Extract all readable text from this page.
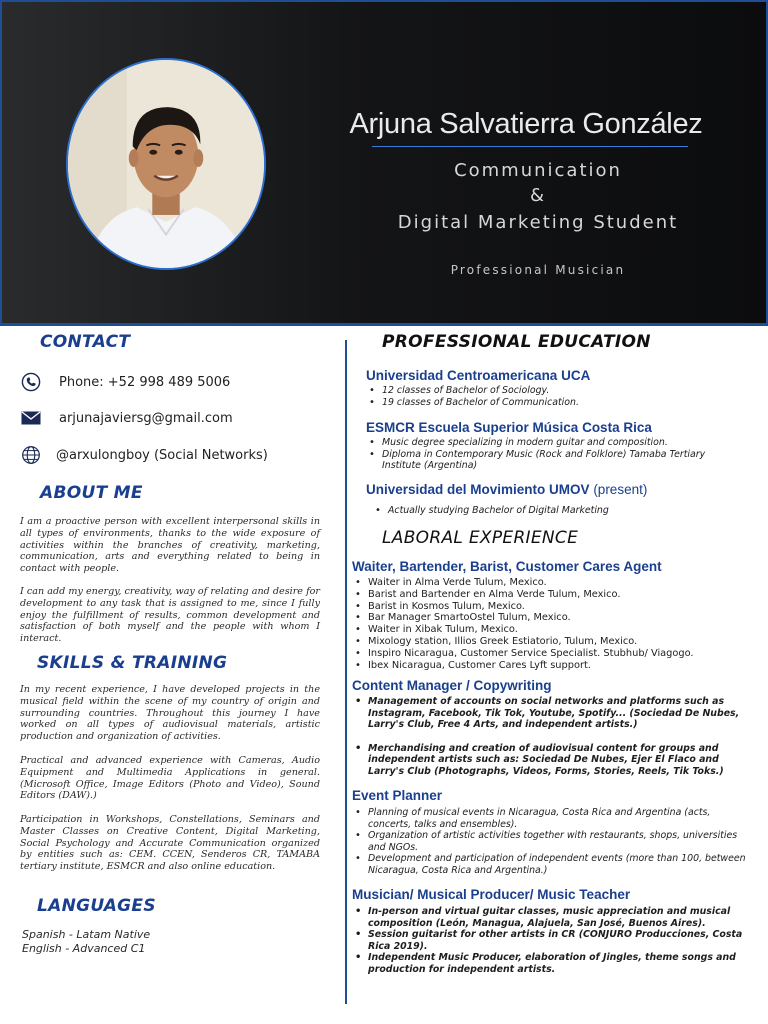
Arjuna Salvatierra González
Communication
&
Digital Marketing Student
Professional Musician
CONTACT
Phone: +52 998 489 5006
arjunajaviersg@gmail.com
@arxulongboy (Social Networks)
ABOUT ME
I am a proactive person with excellent interpersonal skills in all types of environments, thanks to the wide exposure of activities within the branches of creativity, marketing, communication, arts and everything related to being in contact with people.
I can add my energy, creativity, way of relating and desire for development to any task that is assigned to me, since I fully enjoy the fulfillment of results, common development and satisfaction of both myself and the people with whom I interact.
SKILLS & TRAINING
In my recent experience, I have developed projects in the musical field within the scene of my country of origin and surrounding countries. Throughout this journey I have worked on all types of audiovisual materials, artistic production and organization of activities.
Practical and advanced experience with Cameras, Audio Equipment and Multimedia Applications in general. (Microsoft Office, Image Editors (Photo and Video), Sound Editors (DAW).)
Participation in Workshops, Constellations, Seminars and Master Classes on Creative Content, Digital Marketing, Social Psychology and Accurate Communication organized by entities such as: CEM. CCEN, Senderos CR, TAMABA tertiary institute, ESMCR and also online education.
LANGUAGES
Spanish - Latam Native
English - Advanced C1
PROFESSIONAL EDUCATION
Universidad Centroamericana UCA
• 12 classes of Bachelor of Sociology.
• 19 classes of Bachelor of Communication.
ESMCR Escuela Superior Música Costa Rica
• Music degree specializing in modern guitar and composition.
• Diploma in Contemporary Music (Rock and Folklore) Tamaba Tertiary Institute (Argentina)
Universidad del Movimiento UMOV (present)
• Actually studying Bachelor of Digital Marketing
LABORAL EXPERIENCE
Waiter, Bartender, Barist, Customer Cares Agent
• Waiter in Alma Verde Tulum, Mexico.
• Barist and Bartender en Alma Verde Tulum, Mexico.
• Barist in Kosmos Tulum, Mexico.
• Bar Manager SmartoOstel Tulum, Mexico.
• Waiter in Xibak Tulum, Mexico.
• Mixology station, Illios Greek Estiatorio, Tulum, Mexico.
• Inspiro Nicaragua, Customer Service Specialist. Stubhub/ Viagogo.
• Ibex Nicaragua, Customer Cares Lyft support.
Content Manager / Copywriting
• Management of accounts on social networks and platforms such as Instagram, Facebook, Tik Tok, Youtube, Spotify... (Sociedad De Nubes, Larry's Club, Free 4 Arts, and independent artists.)
• Merchandising and creation of audiovisual content for groups and independent artists such as: Sociedad De Nubes, Ejer El Flaco and Larry's Club (Photographs, Videos, Forms, Stories, Reels, Tik Toks.)
Event Planner
• Planning of musical events in Nicaragua, Costa Rica and Argentina (acts, concerts, talks and ensembles).
• Organization of artistic activities together with restaurants, shops, universities and NGOs.
• Development and participation of independent events (more than 100, between Nicaragua, Costa Rica and Argentina.)
Musician/ Musical Producer/ Music Teacher
• In-person and virtual guitar classes, music appreciation and musical composition (León, Managua, Alajuela, San José, Buenos Aires).
• Session guitarist for other artists in CR (CONJURO Producciones, Costa Rica 2019).
• Independent Music Producer, elaboration of Jingles, theme songs and production for independent artists.
